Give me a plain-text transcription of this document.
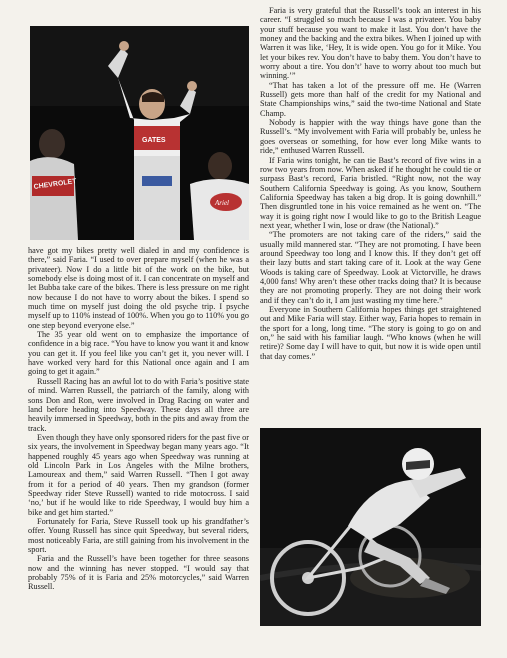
CHEVROLET
GATES
Ariel

have got my bikes pretty well dialed in and my confidence is there,” said Faria. “I used to over prepare myself (when he was a privateer). Now I do a little bit of the work on the bike, but somebody else is doing most of it. I can concentrate on myself and let Bubba take care of the bikes. There is less pressure on me right now because I do not have to worry about the bikes. I spend so much time on myself just doing the old psyche trip. I psyche myself up to 110% instead of 100%. When you go to 110% you go one step beyond everyone else.”

The 35 year old went on to emphasize the importance of confidence in a big race. “You have to know you want it and know you can get it. If you feel like you can’t get it, you never will. I have worked very hard for this National once again and I am going to get it again.”

Russell Racing has an awful lot to do with Faria’s positive state of mind. Warren Russell, the patriarch of the family, along with sons Don and Ron, were involved in Drag Racing on water and land before heading into Speedway. These days all three are heavily immersed in Speedway, both in the pits and away from the track.

Even though they have only sponsored riders for the past five or six years, the involvement in Speedway began many years ago. “It happened roughly 45 years ago when Speedway was running at old Lincoln Park in Los Angeles with the Milne brothers, Lamoureax and them,” said Warren Russell. “Then I got away from it for a period of 40 years. Then my grandson (former Speedway rider Steve Russell) wanted to ride motocross. I said ‘no,’ but if he would like to ride Speedway, I would buy him a bike and get him started.”

Fortunately for Faria, Steve Russell took up his grandfather’s offer. Young Russell has since quit Speedway, but several riders, most noticeably Faria, are still gaining from his involvement in the sport.

Faria and the Russell’s have been together for three seasons now and the winning has never stopped. “I would say that probably 75% of it is Faria and 25% motorcycles,” said Warren Russell.

Faria is very grateful that the Russell’s took an interest in his career. “I struggled so much because I was a privateer. You baby your stuff because you want to make it last. You don’t have the money and the backing and the extra bikes. When I joined up with Warren it was like, ‘Hey, It is wide open. You go for it Mike. You let your bikes rev. You don’t have to baby them. You don’t have to worry about a tire. You don’t’ have to worry about too much but winning.’”

“That has taken a lot of the pressure off me. He (Warren Russell) gets more than half of the credit for my National and State Championships wins,” said the two-time National and State Champ.

Nobody is happier with the way things have gone than the Russell’s. “My involvement with Faria will probably be, unless he goes overseas or something, for how ever long Mike wants to ride,” enthused Warren Russell.

If Faria wins tonight, he can tie Bast’s record of five wins in a row two years from now. When asked if he thought he could tie or surpass Bast’s record, Faria bristled. “Right now, not the way Southern California Speedway is going. As you know, Southern California Speedway has taken a big drop. It is going downhill.” Then disgruntled tone in his voice remained as he went on. “The way it is going right now I would like to go to the British League next year, whether I win, lose or draw (the National).”

“The promoters are not taking care of the riders,” said the usually mild mannered star. “They are not promoting. I have been around Speedway too long and I know this. If they don’t get off their lazy butts and start taking care of it. Look at the way Gene Woods is taking care of Speedway. Look at Victorville, he draws 4,000 fans! Why aren’t these other tracks doing that? It is because they are not promoting properly. They are not doing their work and if they can’t do it, I am just wasting my time here.”

Everyone in Southern California hopes things get straightened out and Mike Faria will stay. Either way, Faria hopes to remain in the sport for a long, long time. “The story is going to go on and on,” he said with his familiar laugh. “Who knows (when he will retire)? Some day I will have to quit, but now it is wide open until that day comes.”
